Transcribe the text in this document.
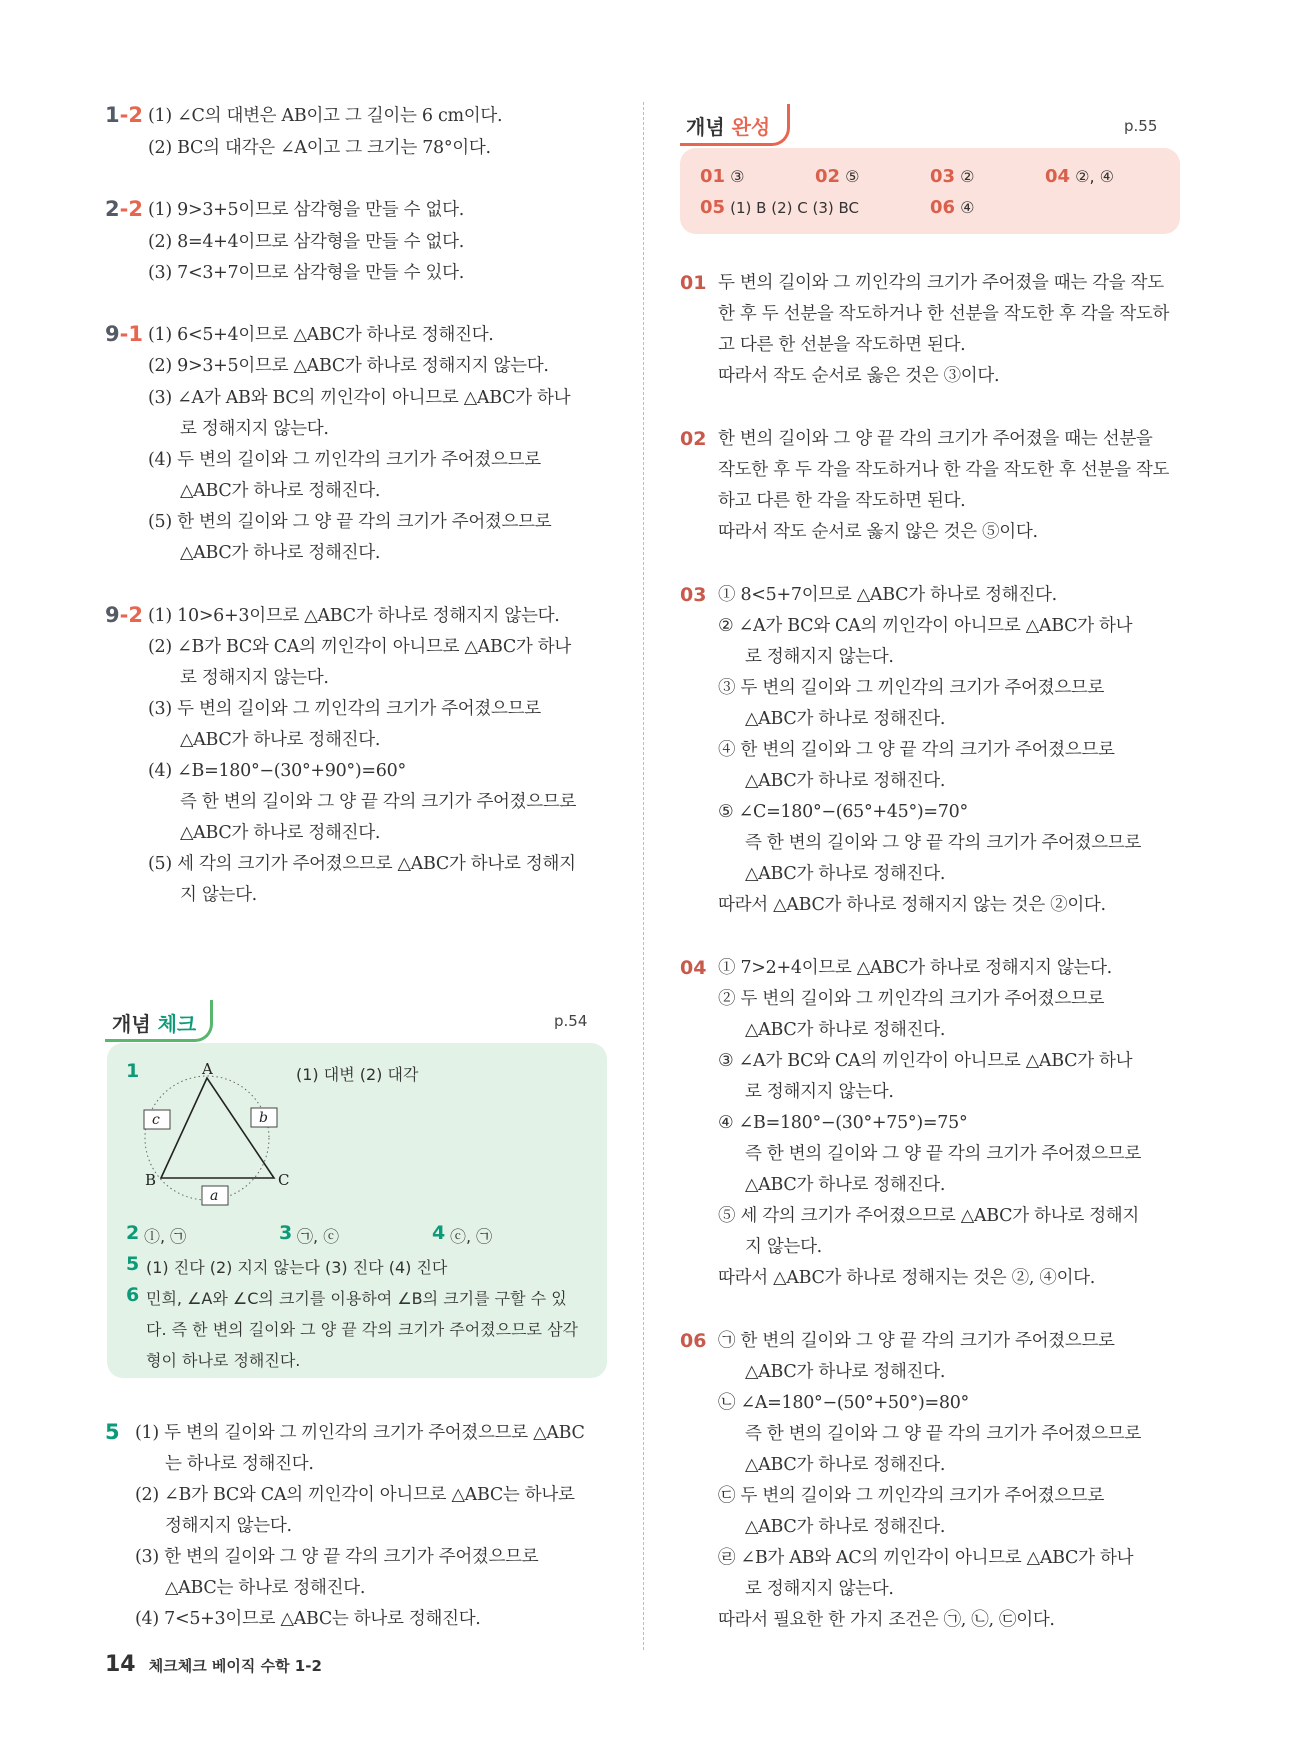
1-2 (1) ∠C의 대변은 AB이고 그 길이는 6 cm이다.
(2) BC의 대각은 ∠A이고 그 크기는 78°이다.
2-2 (1) 9>3+5이므로 삼각형을 만들 수 없다.
(2) 8=4+4이므로 삼각형을 만들 수 없다.
(3) 7<3+7이므로 삼각형을 만들 수 있다.
9-1 (1) 6<5+4이므로 △ABC가 하나로 정해진다.
(2) 9>3+5이므로 △ABC가 하나로 정해지지 않는다.
(3) ∠A가 AB와 BC의 끼인각이 아니므로 △ABC가 하나
로 정해지지 않는다.
(4) 두 변의 길이와 그 끼인각의 크기가 주어졌으므로
△ABC가 하나로 정해진다.
(5) 한 변의 길이와 그 양 끝 각의 크기가 주어졌으므로
△ABC가 하나로 정해진다.
9-2 (1) 10>6+3이므로 △ABC가 하나로 정해지지 않는다.
(2) ∠B가 BC와 CA의 끼인각이 아니므로 △ABC가 하나
로 정해지지 않는다.
(3) 두 변의 길이와 그 끼인각의 크기가 주어졌으므로
△ABC가 하나로 정해진다.
(4) ∠B=180°−(30°+90°)=60°
즉 한 변의 길이와 그 양 끝 각의 크기가 주어졌으므로
△ABC가 하나로 정해진다.
(5) 세 각의 크기가 주어졌으므로 △ABC가 하나로 정해지
지 않는다.
개념 체크	p.54
1	(1) 대변 (2) 대각
A
B	C
c	b
a
2 ⓛ, ㉠	3 ㉠, ⓒ	4 ⓒ, ㉠
5 (1) 진다 (2) 지지 않는다 (3) 진다 (4) 진다
6 민희, ∠A와 ∠C의 크기를 이용하여 ∠B의 크기를 구할 수 있
다. 즉 한 변의 길이와 그 양 끝 각의 크기가 주어졌으므로 삼각
형이 하나로 정해진다.
5 (1) 두 변의 길이와 그 끼인각의 크기가 주어졌으므로 △ABC
는 하나로 정해진다.
(2) ∠B가 BC와 CA의 끼인각이 아니므로 △ABC는 하나로
정해지지 않는다.
(3) 한 변의 길이와 그 양 끝 각의 크기가 주어졌으므로
△ABC는 하나로 정해진다.
(4) 7<5+3이므로 △ABC는 하나로 정해진다.
개념 완성	p.55
01 ③	02 ⑤	03 ②	04 ②, ④
05 (1) B (2) C (3) BC	06 ④
01 두 변의 길이와 그 끼인각의 크기가 주어졌을 때는 각을 작도
한 후 두 선분을 작도하거나 한 선분을 작도한 후 각을 작도하
고 다른 한 선분을 작도하면 된다.
따라서 작도 순서로 옳은 것은 ③이다.
02 한 변의 길이와 그 양 끝 각의 크기가 주어졌을 때는 선분을
작도한 후 두 각을 작도하거나 한 각을 작도한 후 선분을 작도
하고 다른 한 각을 작도하면 된다.
따라서 작도 순서로 옳지 않은 것은 ⑤이다.
03 ① 8<5+7이므로 △ABC가 하나로 정해진다.
② ∠A가 BC와 CA의 끼인각이 아니므로 △ABC가 하나
로 정해지지 않는다.
③ 두 변의 길이와 그 끼인각의 크기가 주어졌으므로
△ABC가 하나로 정해진다.
④ 한 변의 길이와 그 양 끝 각의 크기가 주어졌으므로
△ABC가 하나로 정해진다.
⑤ ∠C=180°−(65°+45°)=70°
즉 한 변의 길이와 그 양 끝 각의 크기가 주어졌으므로
△ABC가 하나로 정해진다.
따라서 △ABC가 하나로 정해지지 않는 것은 ②이다.
04 ① 7>2+4이므로 △ABC가 하나로 정해지지 않는다.
② 두 변의 길이와 그 끼인각의 크기가 주어졌으므로
△ABC가 하나로 정해진다.
③ ∠A가 BC와 CA의 끼인각이 아니므로 △ABC가 하나
로 정해지지 않는다.
④ ∠B=180°−(30°+75°)=75°
즉 한 변의 길이와 그 양 끝 각의 크기가 주어졌으므로
△ABC가 하나로 정해진다.
⑤ 세 각의 크기가 주어졌으므로 △ABC가 하나로 정해지
지 않는다.
따라서 △ABC가 하나로 정해지는 것은 ②, ④이다.
06 ㉠ 한 변의 길이와 그 양 끝 각의 크기가 주어졌으므로
△ABC가 하나로 정해진다.
㉡ ∠A=180°−(50°+50°)=80°
즉 한 변의 길이와 그 양 끝 각의 크기가 주어졌으므로
△ABC가 하나로 정해진다.
㉢ 두 변의 길이와 그 끼인각의 크기가 주어졌으므로
△ABC가 하나로 정해진다.
㉣ ∠B가 AB와 AC의 끼인각이 아니므로 △ABC가 하나
로 정해지지 않는다.
따라서 필요한 한 가지 조건은 ㉠, ㉡, ㉢이다.
14 체크체크 베이직 수학 1-2
